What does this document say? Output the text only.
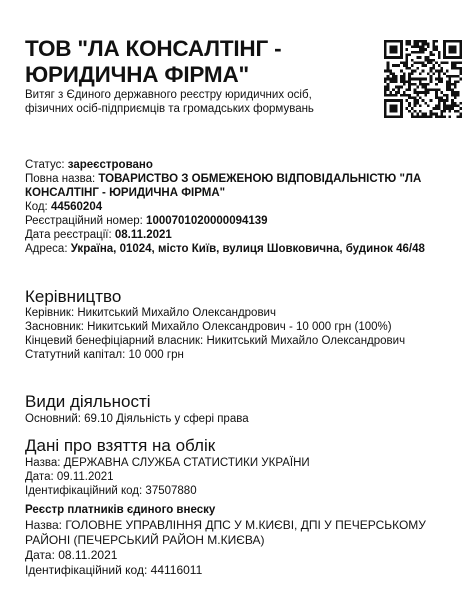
ТОВ "ЛА КОНСАЛТІНГ - ЮРИДИЧНА ФІРМА"

Витяг з Єдиного державного реєстру юридичних осіб, фізичних осіб-підприємців та громадських формувань

Статус: зареєстровано

Повна назва: ТОВАРИСТВО З ОБМЕЖЕНОЮ ВІДПОВІДАЛЬНІСТЮ "ЛА КОНСАЛТІНГ - ЮРИДИЧНА ФІРМА"

Код: 44560204

Реєстраційний номер: 1000701020000094139

Дата реєстрації: 08.11.2021

Адреса: Україна, 01024, місто Київ, вулиця Шовковична, будинок 46/48

Керівництво

Керівник: Никитський Михайло Олександрович

Засновник: Никитський Михайло Олександрович - 10 000 грн (100%)

Кінцевий бенефіціарний власник: Никитський Михайло Олександрович

Статутний капітал: 10 000 грн

Види діяльності

Основний: 69.10 Діяльність у сфері права

Дані про взяття на облік

Назва: ДЕРЖАВНА СЛУЖБА СТАТИСТИКИ УКРАЇНИ

Дата: 09.11.2021

Ідентифікаційний код: 37507880

Реєстр платників єдиного внеску

Назва: ГОЛОВНЕ УПРАВЛІННЯ ДПС У М.КИЄВІ, ДПІ У ПЕЧЕРСЬКОМУ РАЙОНІ (ПЕЧЕРСЬКИЙ РАЙОН М.КИЄВА)

Дата: 08.11.2021

Ідентифікаційний код: 44116011
